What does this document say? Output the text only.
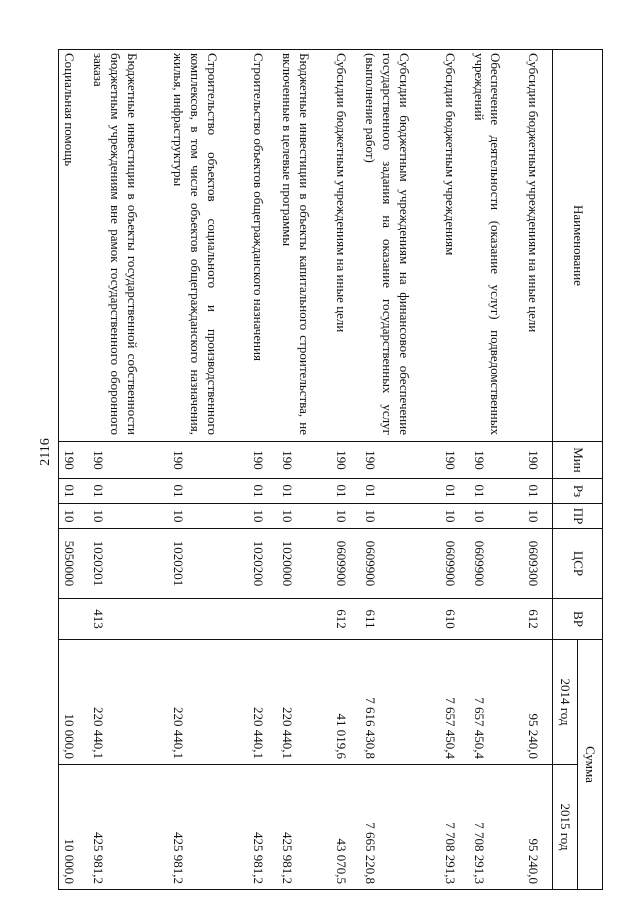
2116
Наименование	Мин	Рз	ПР	ЦСР	ВР	Сумма	
						2014 год	2015 год
Субсидии бюджетным учреждениям на иные цели	190	01	10	0609300	612	95 240,0	95 240,0
Обеспечение деятельности (оказание услуг) подведомственных учреждений	190	01	10	0609900		7 657 450,4	7 708 291,3
Субсидии бюджетным учреждениям	190	01	10	0609900	610	7 657 450,4	7 708 291,3
Субсидии бюджетным учреждениям на финансовое обеспечение государственного задания на оказание государственных услуг (выполнение работ)	190	01	10	0609900	611	7 616 430,8	7 665 220,8
Субсидии бюджетным учреждениям на иные цели	190	01	10	0609900	612	41 019,6	43 070,5
Бюджетные инвестиции в объекты капитального строительства, не включенные в целевые программы	190	01	10	1020000		220 440,1	425 981,2
Строительство объектов общегражданского назначения	190	01	10	1020200		220 440,1	425 981,2
Строительство объектов социального и производственного комплексов, в том числе объектов общегражданского назначения, жилья, инфраструктуры	190	01	10	1020201		220 440,1	425 981,2
Бюджетные инвестиции в объекты государственной собственности бюджетным учреждениям вне рамок государственного оборонного заказа	190	01	10	1020201	413	220 440,1	425 981,2
Социальная помощь	190	01	10	5050000		10 000,0	10 000,0
